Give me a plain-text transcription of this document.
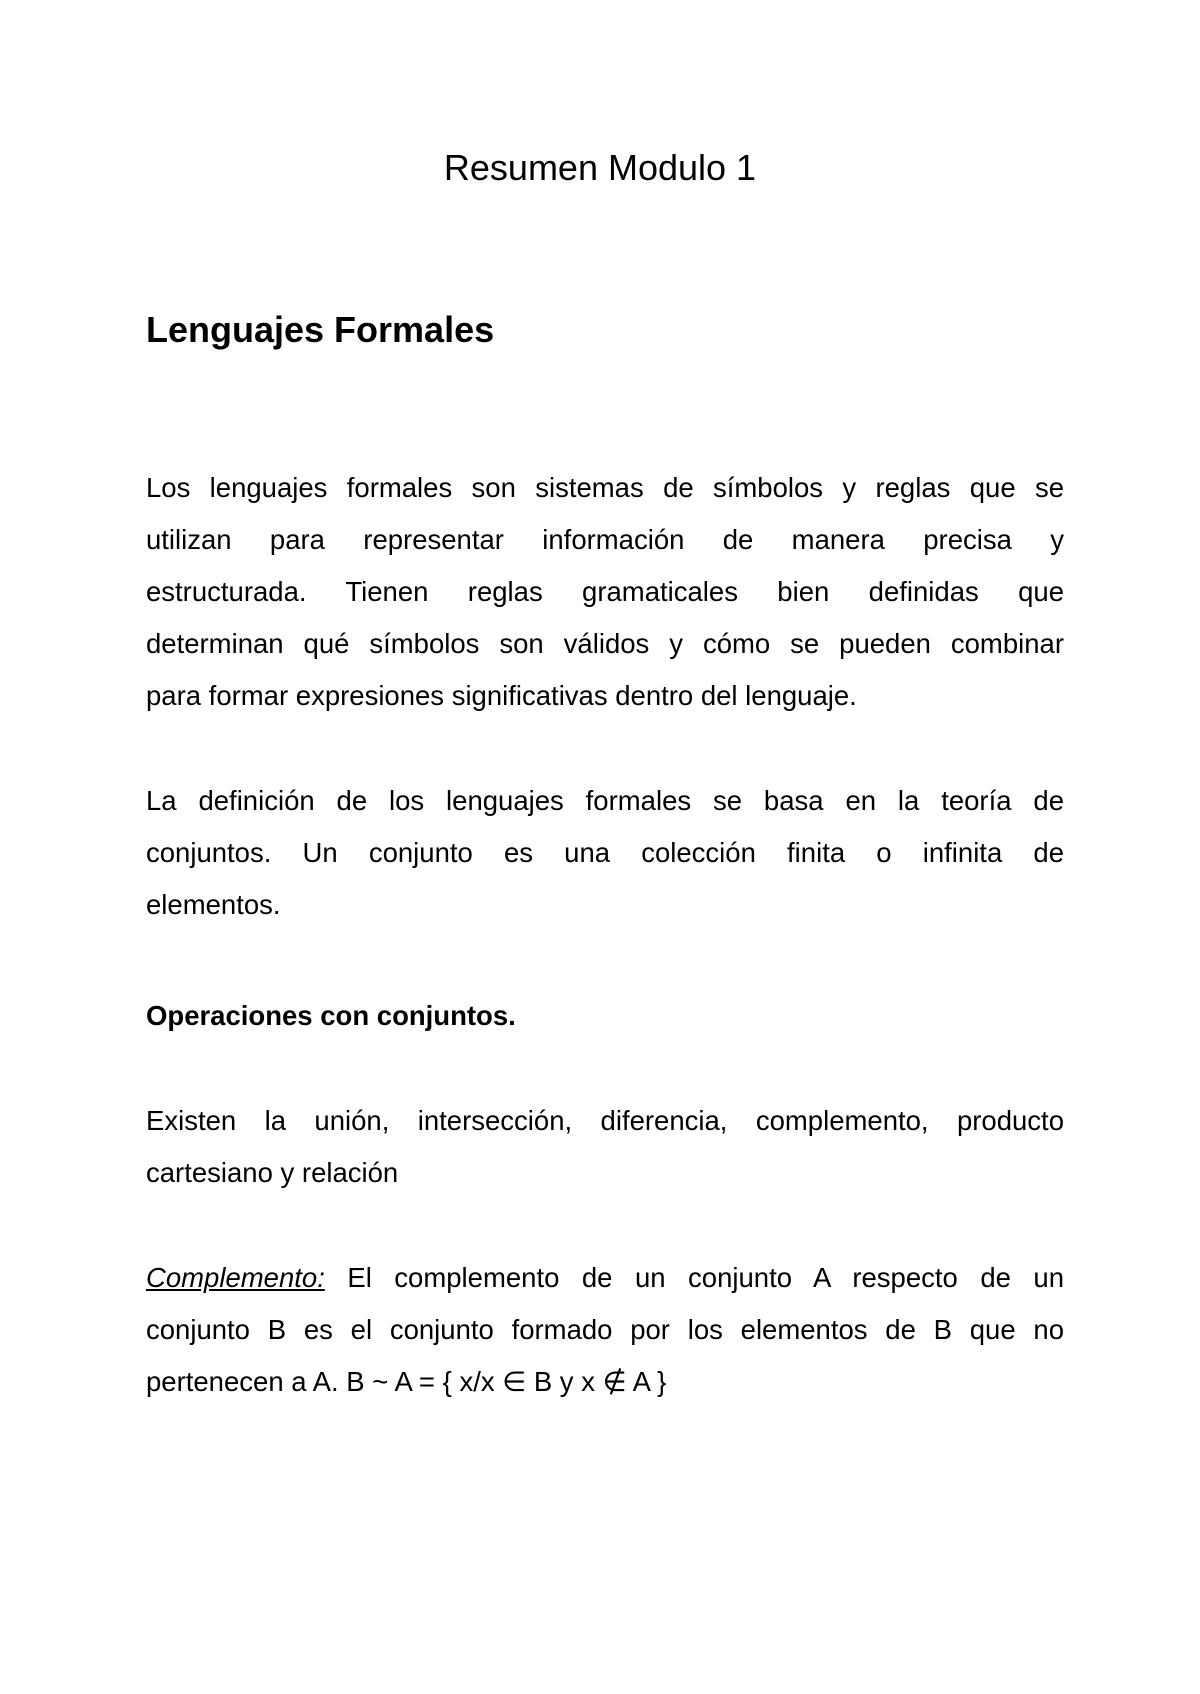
Resumen Modulo 1
Lenguajes Formales

Los lenguajes formales son sistemas de símbolos y reglas que se
utilizan para representar información de manera precisa y
estructurada. Tienen reglas gramaticales bien definidas que
determinan qué símbolos son válidos y cómo se pueden combinar
para formar expresiones significativas dentro del lenguaje.

La definición de los lenguajes formales se basa en la teoría de
conjuntos. Un conjunto es una colección finita o infinita de
elementos.

Operaciones con conjuntos.

Existen la unión, intersección, diferencia, complemento, producto
cartesiano y relación

Complemento: El complemento de un conjunto A respecto de un
conjunto B es el conjunto formado por los elementos de B que no
pertenecen a A. B ~ A = { x/x ∈ B y x ∉ A }
